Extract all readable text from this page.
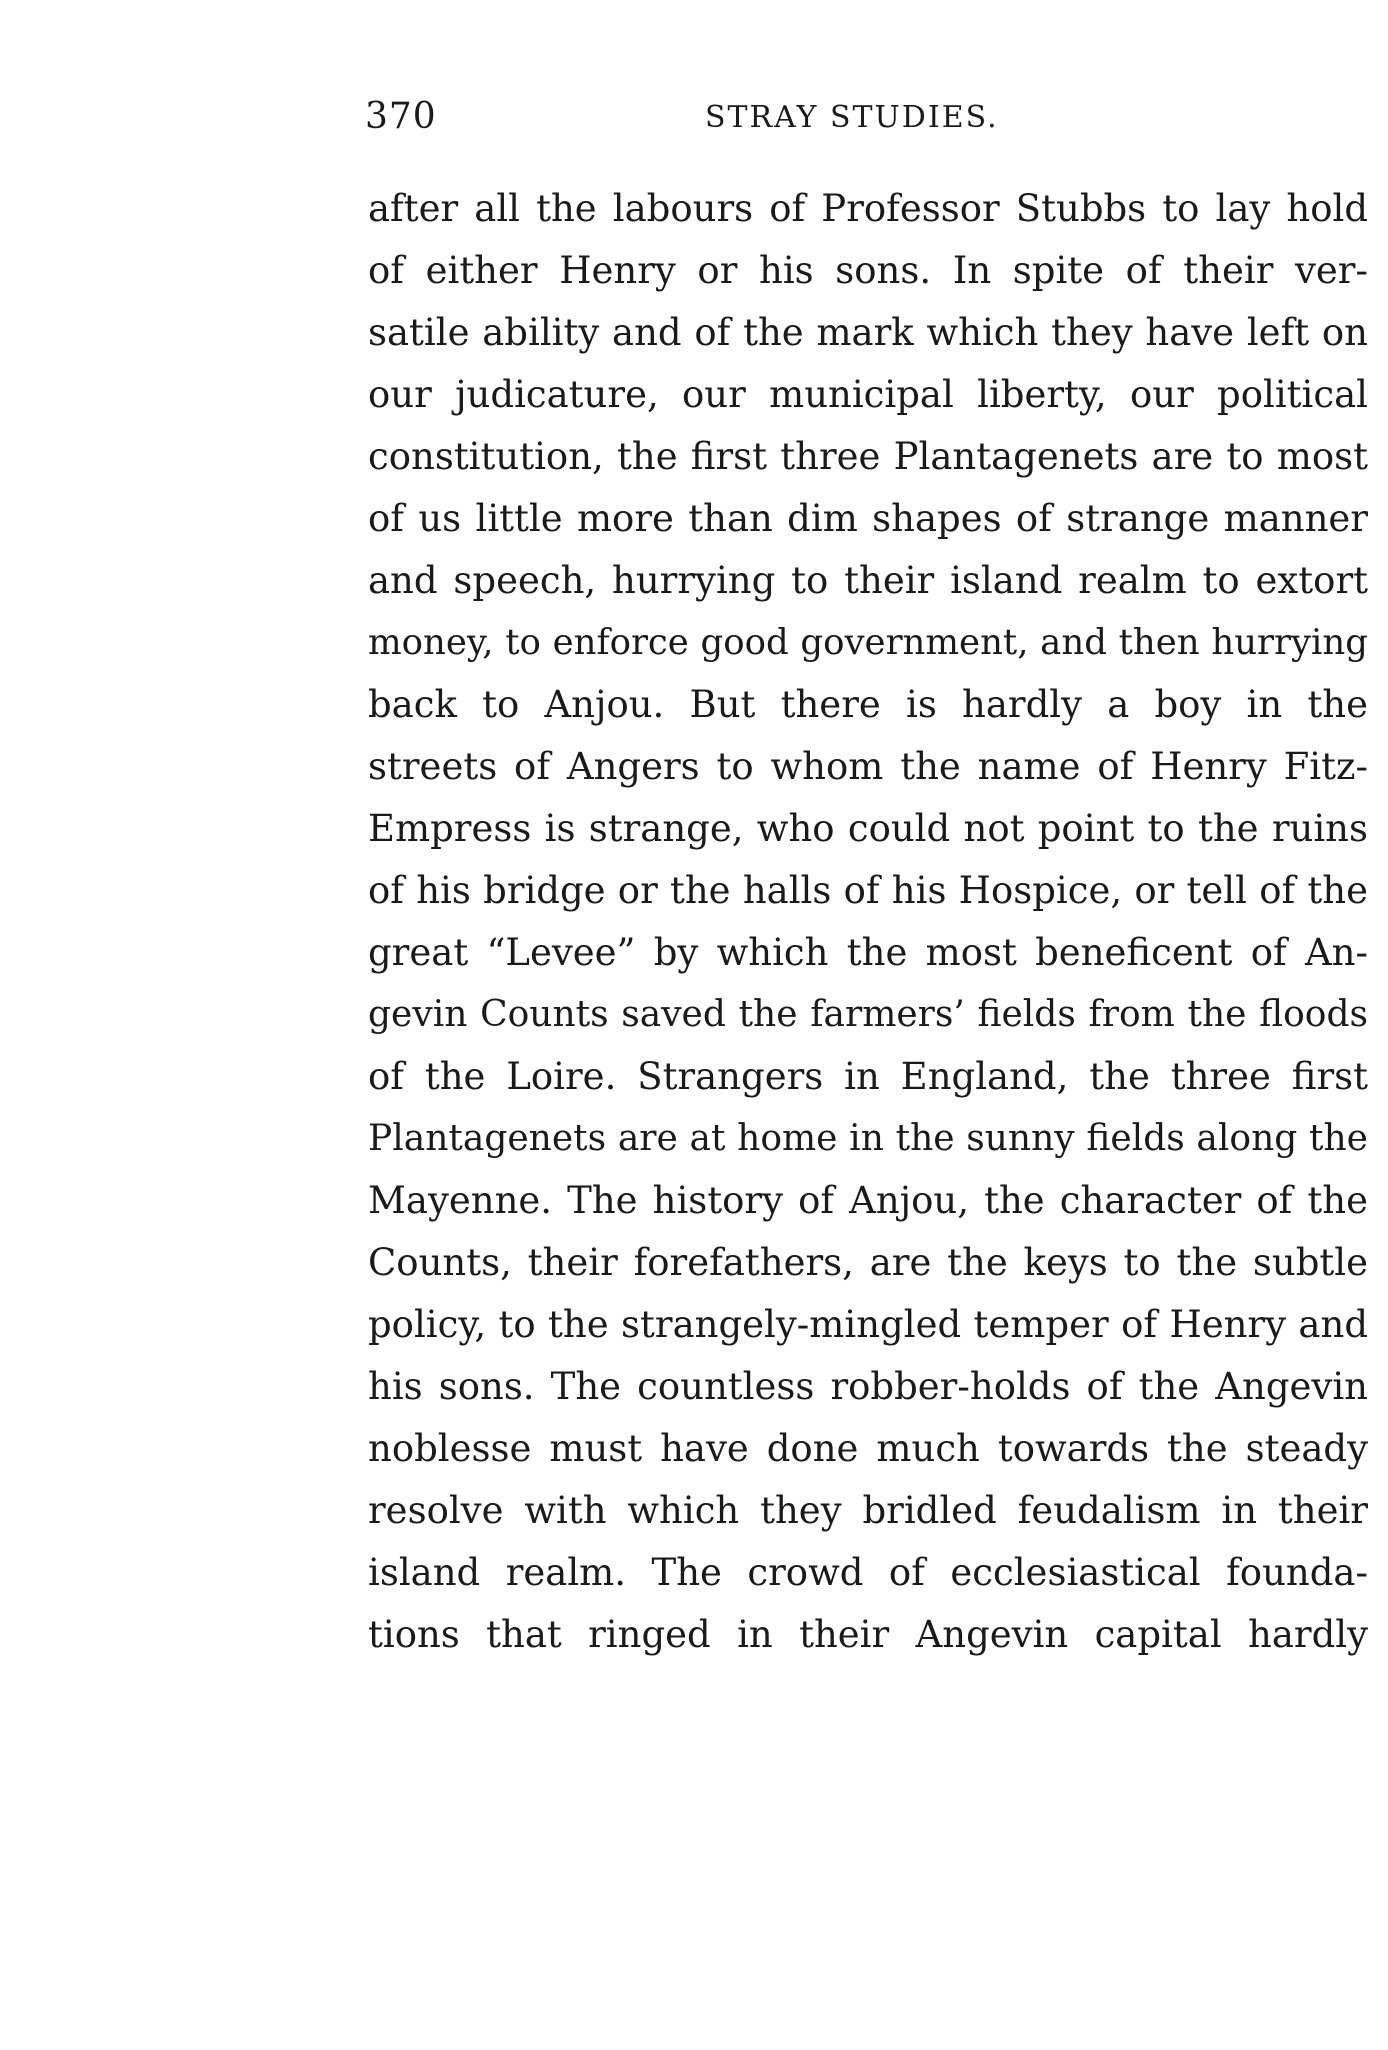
370	STRAY STUDIES.
after all the labours of Professor Stubbs to lay hold
of either Henry or his sons. In spite of their ver-
satile ability and of the mark which they have left on
our judicature, our municipal liberty, our political
constitution, the first three Plantagenets are to most
of us little more than dim shapes of strange manner
and speech, hurrying to their island realm to extort
money, to enforce good government, and then hurrying
back to Anjou. But there is hardly a boy in the
streets of Angers to whom the name of Henry Fitz-
Empress is strange, who could not point to the ruins
of his bridge or the halls of his Hospice, or tell of the
great “Levee” by which the most beneficent of An-
gevin Counts saved the farmers’ fields from the floods
of the Loire. Strangers in England, the three first
Plantagenets are at home in the sunny fields along the
Mayenne. The history of Anjou, the character of the
Counts, their forefathers, are the keys to the subtle
policy, to the strangely-mingled temper of Henry and
his sons. The countless robber-holds of the Angevin
noblesse must have done much towards the steady
resolve with which they bridled feudalism in their
island realm. The crowd of ecclesiastical founda-
tions that ringed in their Angevin capital hardly
